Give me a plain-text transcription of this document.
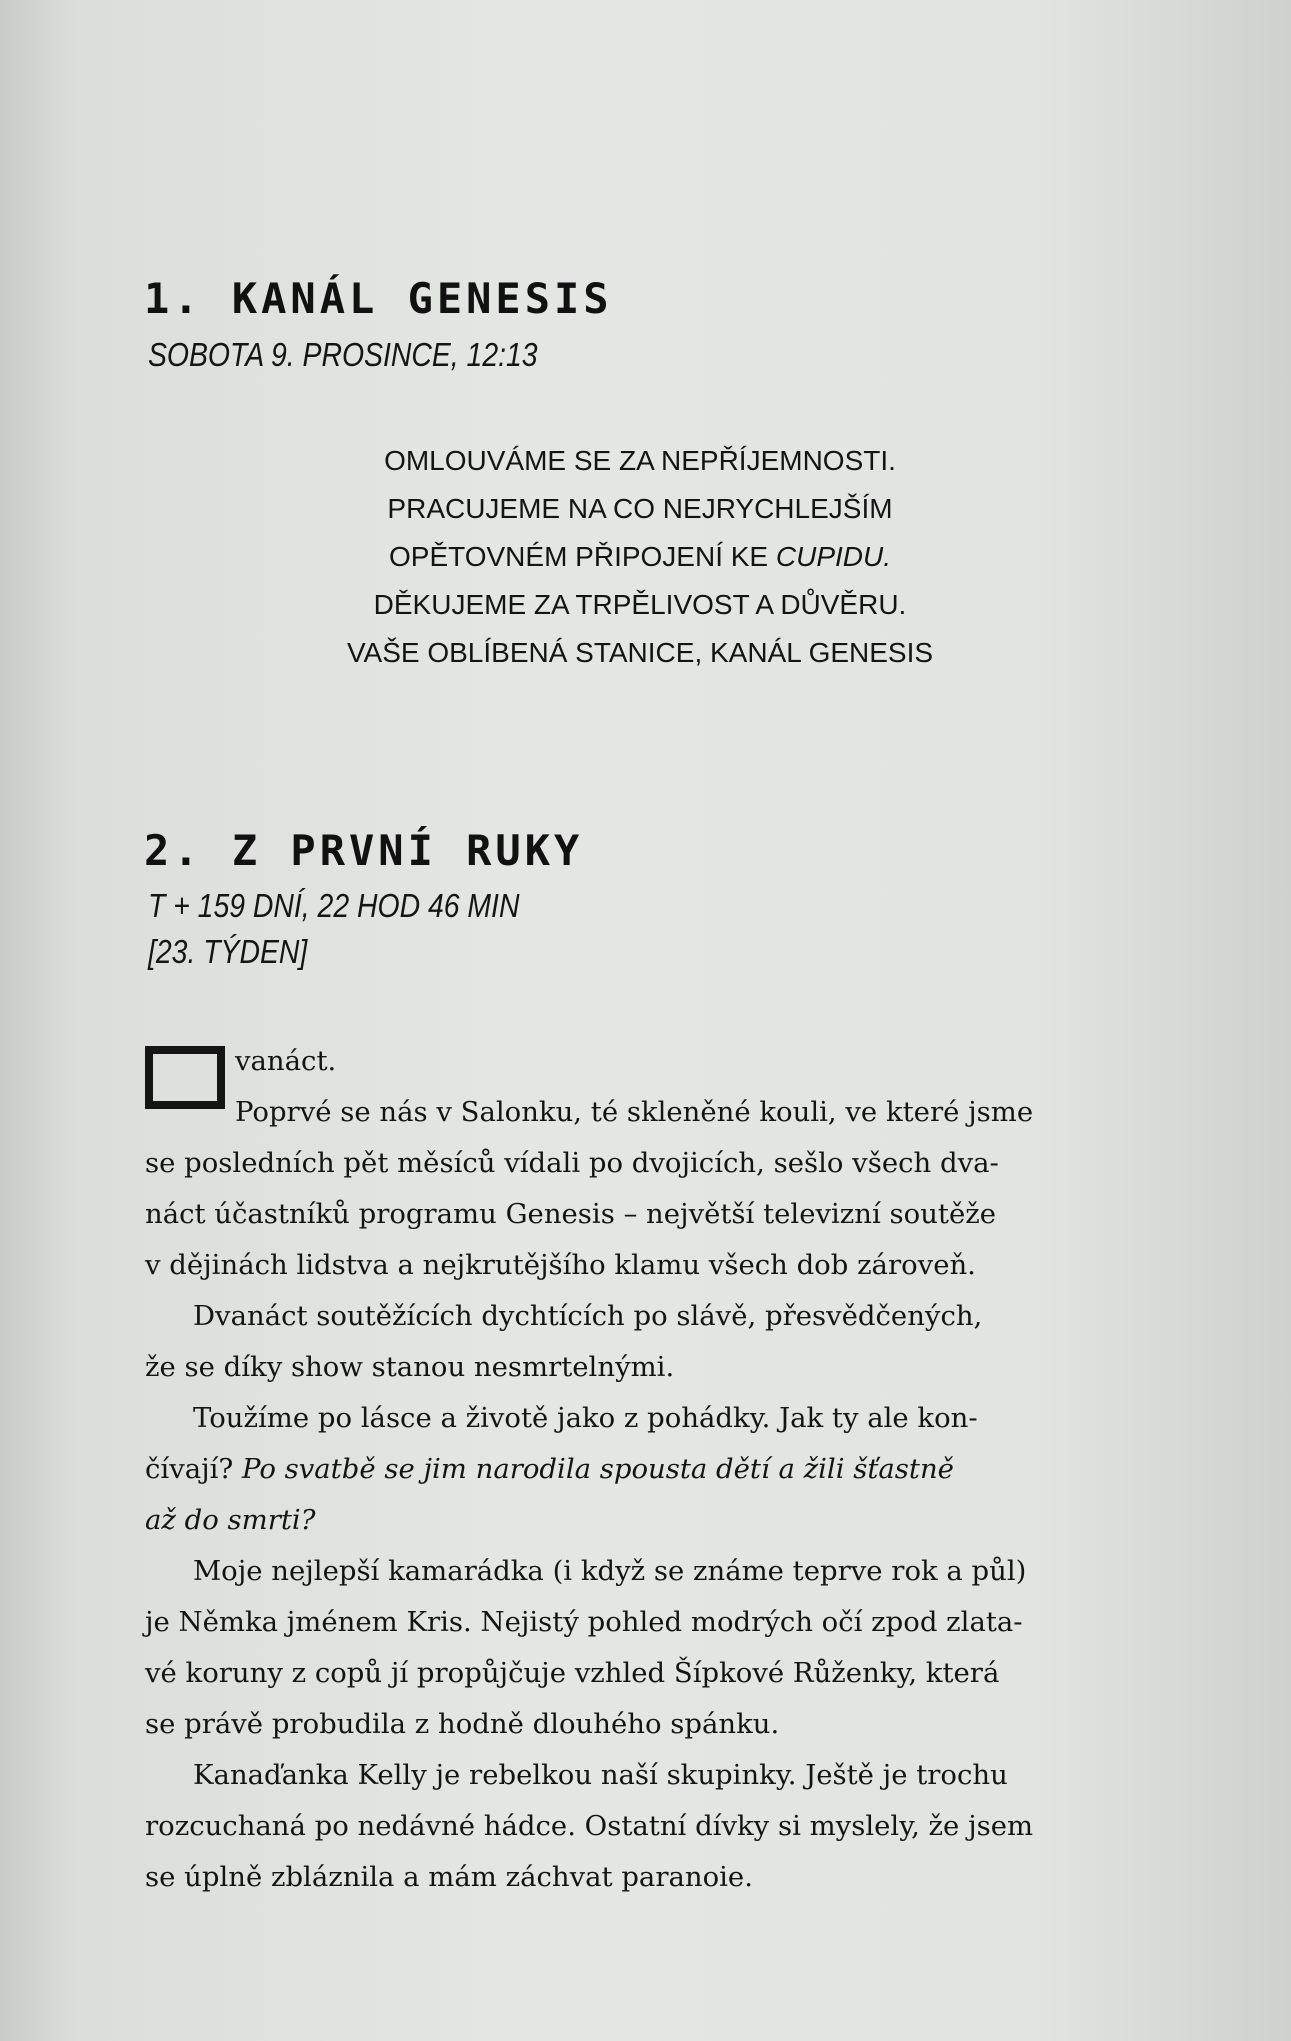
1. KANÁL GENESIS
SOBOTA 9. PROSINCE, 12:13
OMLOUVÁME SE ZA NEPŘÍJEMNOSTI.
PRACUJEME NA CO NEJRYCHLEJŠÍM
OPĚTOVNÉM PŘIPOJENÍ KE CUPIDU.
DĚKUJEME ZA TRPĚLIVOST A DŮVĚRU.
VAŠE OBLÍBENÁ STANICE, KANÁL GENESIS
2. Z PRVNÍ RUKY
T + 159 DNÍ, 22 HOD 46 MIN
[23. TÝDEN]
vanáct.
Poprvé se nás v Salonku, té skleněné kouli, ve které jsme
se posledních pět měsíců vídali po dvojicích, sešlo všech dva-
náct účastníků programu Genesis – největší televizní soutěže
v dějinách lidstva a nejkrutějšího klamu všech dob zároveň.
Dvanáct soutěžících dychtících po slávě, přesvědčených,
že se díky show stanou nesmrtelnými.
Toužíme po lásce a životě jako z pohádky. Jak ty ale kon-
čívají? Po svatbě se jim narodila spousta dětí a žili šťastně
až do smrti?
Moje nejlepší kamarádka (i když se známe teprve rok a půl)
je Němka jménem Kris. Nejistý pohled modrých očí zpod zlata-
vé koruny z copů jí propůjčuje vzhled Šípkové Růženky, která
se právě probudila z hodně dlouhého spánku.
Kanaďanka Kelly je rebelkou naší skupinky. Ještě je trochu
rozcuchaná po nedávné hádce. Ostatní dívky si myslely, že jsem
se úplně zbláznila a mám záchvat paranoie.
